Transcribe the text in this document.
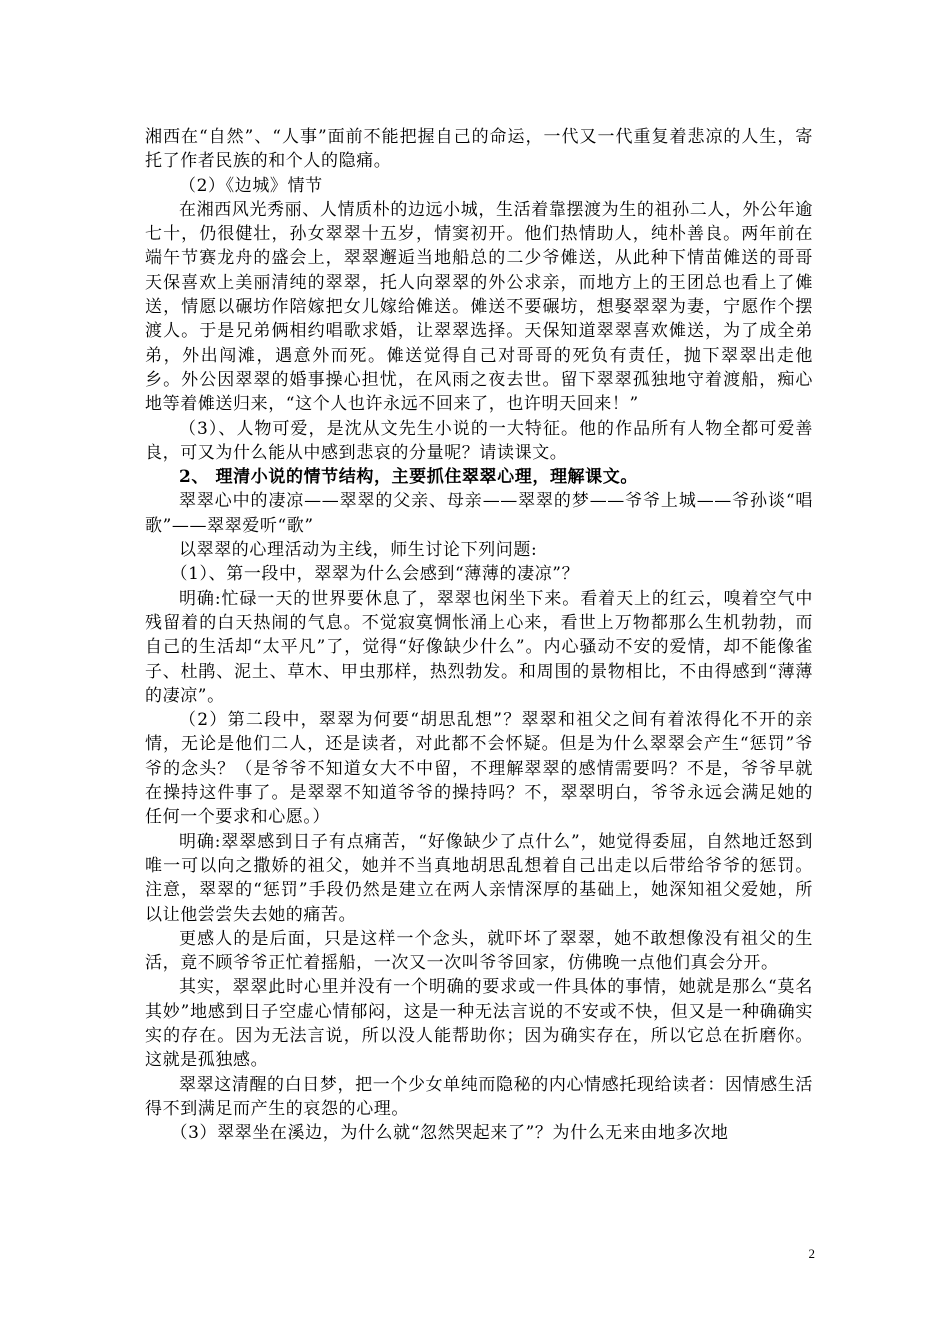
湘西在“自然”、“人事”面前不能把握自己的命运，一代又一代重复着悲凉的人生，寄托了作者民族的和个人的隐痛。

（2）《边城》情节

在湘西风光秀丽、人情质朴的边远小城，生活着靠摆渡为生的祖孙二人，外公年逾七十，仍很健壮，孙女翠翠十五岁，情窦初开。他们热情助人，纯朴善良。两年前在端午节赛龙舟的盛会上，翠翠邂逅当地船总的二少爷傩送，从此种下情苗傩送的哥哥天保喜欢上美丽清纯的翠翠，托人向翠翠的外公求亲，而地方上的王团总也看上了傩送，情愿以碾坊作陪嫁把女儿嫁给傩送。傩送不要碾坊，想娶翠翠为妻，宁愿作个摆渡人。于是兄弟俩相约唱歌求婚，让翠翠选择。天保知道翠翠喜欢傩送，为了成全弟弟，外出闯滩，遇意外而死。傩送觉得自己对哥哥的死负有责任，抛下翠翠出走他乡。外公因翠翠的婚事操心担忧，在风雨之夜去世。留下翠翠孤独地守着渡船，痴心地等着傩送归来，“这个人也许永远不回来了，也许明天回来！”

（3）、人物可爱，是沈从文先生小说的一大特征。他的作品所有人物全都可爱善良，可又为什么能从中感到悲哀的分量呢？请读课文。

2、 理清小说的情节结构，主要抓住翠翠心理，理解课文。

翠翠心中的凄凉——翠翠的父亲、母亲——翠翠的梦——爷爷上城——爷孙谈“唱歌”——翠翠爱听“歌”

以翠翠的心理活动为主线，师生讨论下列问题:

（1）、第一段中，翠翠为什么会感到“薄薄的凄凉”？

明确:忙碌一天的世界要休息了，翠翠也闲坐下来。看着天上的红云，嗅着空气中残留着的白天热闹的气息。不觉寂寞惆怅涌上心来，看世上万物都那么生机勃勃，而自己的生活却“太平凡”了，觉得“好像缺少什么”。内心骚动不安的爱情，却不能像雀子、杜鹃、泥土、草木、甲虫那样，热烈勃发。和周围的景物相比，不由得感到“薄薄的凄凉”。

（2）第二段中，翠翠为何要“胡思乱想”？翠翠和祖父之间有着浓得化不开的亲情，无论是他们二人，还是读者，对此都不会怀疑。但是为什么翠翠会产生“惩罚”爷爷的念头？（是爷爷不知道女大不中留，不理解翠翠的感情需要吗？不是，爷爷早就在操持这件事了。是翠翠不知道爷爷的操持吗？不，翠翠明白，爷爷永远会满足她的任何一个要求和心愿。）

明确:翠翠感到日子有点痛苦，“好像缺少了点什么”，她觉得委屈，自然地迁怒到唯一可以向之撒娇的祖父，她并不当真地胡思乱想着自己出走以后带给爷爷的惩罚。注意，翠翠的“惩罚”手段仍然是建立在两人亲情深厚的基础上，她深知祖父爱她，所以让他尝尝失去她的痛苦。

更感人的是后面，只是这样一个念头，就吓坏了翠翠，她不敢想像没有祖父的生活，竟不顾爷爷正忙着摇船，一次又一次叫爷爷回家，仿佛晚一点他们真会分开。

其实，翠翠此时心里并没有一个明确的要求或一件具体的事情，她就是那么“莫名其妙”地感到日子空虚心情郁闷，这是一种无法言说的不安或不快，但又是一种确确实实的存在。因为无法言说，所以没人能帮助你；因为确实存在，所以它总在折磨你。这就是孤独感。

翠翠这清醒的白日梦，把一个少女单纯而隐秘的内心情感托现给读者：因情感生活得不到满足而产生的哀怨的心理。

（3）翠翠坐在溪边，为什么就“忽然哭起来了”？为什么无来由地多次地

2
